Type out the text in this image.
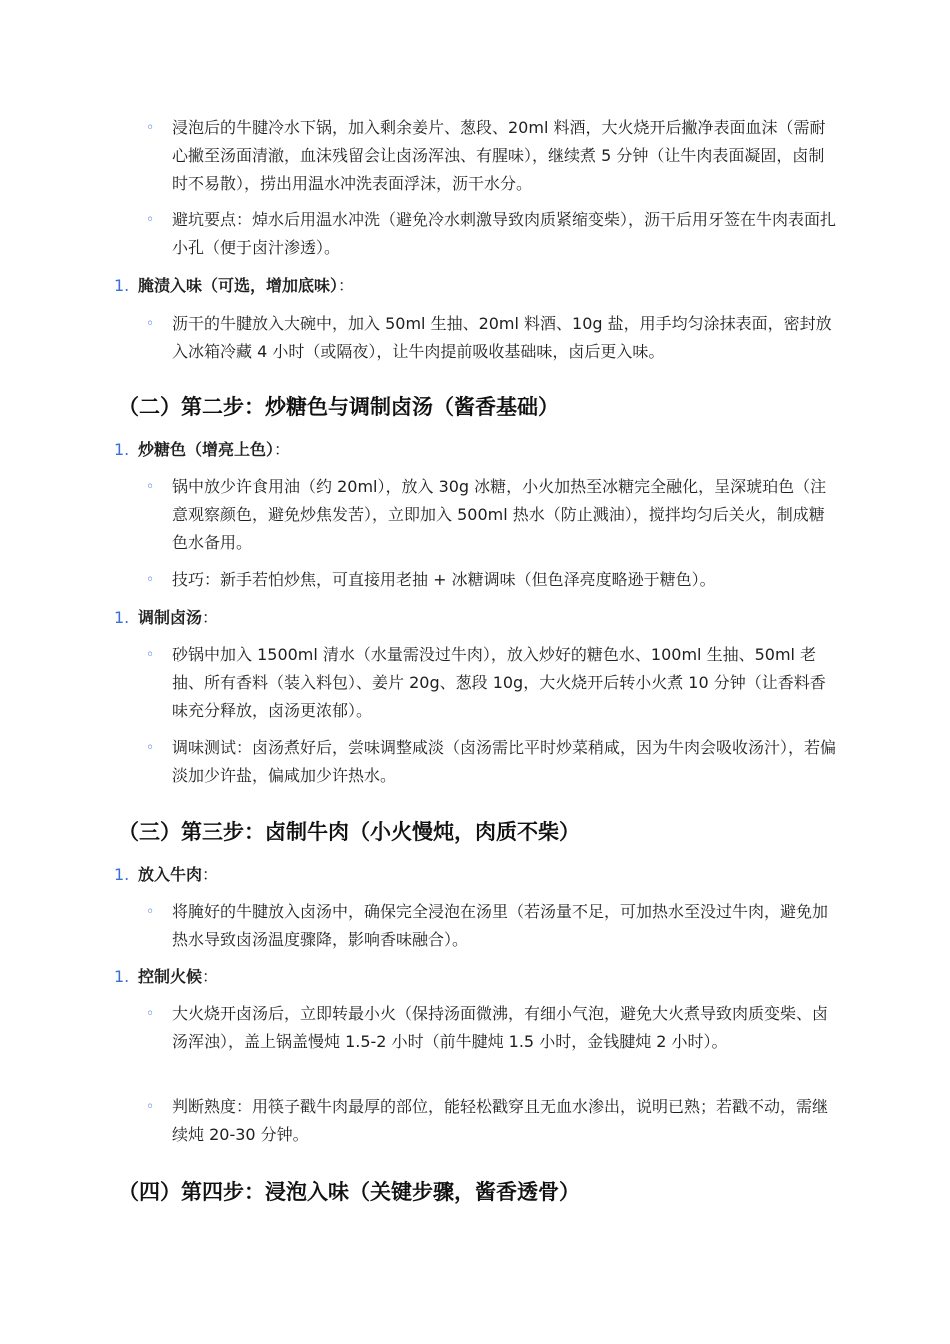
◦ 浸泡后的牛腱冷水下锅，加入剩余姜片、葱段、20ml 料酒，大火烧开后撇净表面血沫（需耐心撇至汤面清澈，血沫残留会让卤汤浑浊、有腥味），继续煮 5 分钟（让牛肉表面凝固，卤制时不易散），捞出用温水冲洗表面浮沫，沥干水分。
◦ 避坑要点：焯水后用温水冲洗（避免冷水刺激导致肉质紧缩变柴），沥干后用牙签在牛肉表面扎小孔（便于卤汁渗透）。
1. 腌渍入味（可选，增加底味）：
◦ 沥干的牛腱放入大碗中，加入 50ml 生抽、20ml 料酒、10g 盐，用手均匀涂抹表面，密封放入冰箱冷藏 4 小时（或隔夜），让牛肉提前吸收基础味，卤后更入味。
（二）第二步：炒糖色与调制卤汤（酱香基础）
1. 炒糖色（增亮上色）：
◦ 锅中放少许食用油（约 20ml），放入 30g 冰糖，小火加热至冰糖完全融化，呈深琥珀色（注意观察颜色，避免炒焦发苦），立即加入 500ml 热水（防止溅油），搅拌均匀后关火，制成糖色水备用。
◦ 技巧：新手若怕炒焦，可直接用老抽 + 冰糖调味（但色泽亮度略逊于糖色）。
1. 调制卤汤：
◦ 砂锅中加入 1500ml 清水（水量需没过牛肉），放入炒好的糖色水、100ml 生抽、50ml 老抽、所有香料（装入料包）、姜片 20g、葱段 10g，大火烧开后转小火煮 10 分钟（让香料香味充分释放，卤汤更浓郁）。
◦ 调味测试：卤汤煮好后，尝味调整咸淡（卤汤需比平时炒菜稍咸，因为牛肉会吸收汤汁），若偏淡加少许盐，偏咸加少许热水。
（三）第三步：卤制牛肉（小火慢炖，肉质不柴）
1. 放入牛肉：
◦ 将腌好的牛腱放入卤汤中，确保完全浸泡在汤里（若汤量不足，可加热水至没过牛肉，避免加热水导致卤汤温度骤降，影响香味融合）。
1. 控制火候：
◦ 大火烧开卤汤后，立即转最小火（保持汤面微沸，有细小气泡，避免大火煮导致肉质变柴、卤汤浑浊），盖上锅盖慢炖 1.5-2 小时（前牛腱炖 1.5 小时，金钱腱炖 2 小时）。
◦ 判断熟度：用筷子戳牛肉最厚的部位，能轻松戳穿且无血水渗出，说明已熟；若戳不动，需继续炖 20-30 分钟。
（四）第四步：浸泡入味（关键步骤，酱香透骨）
